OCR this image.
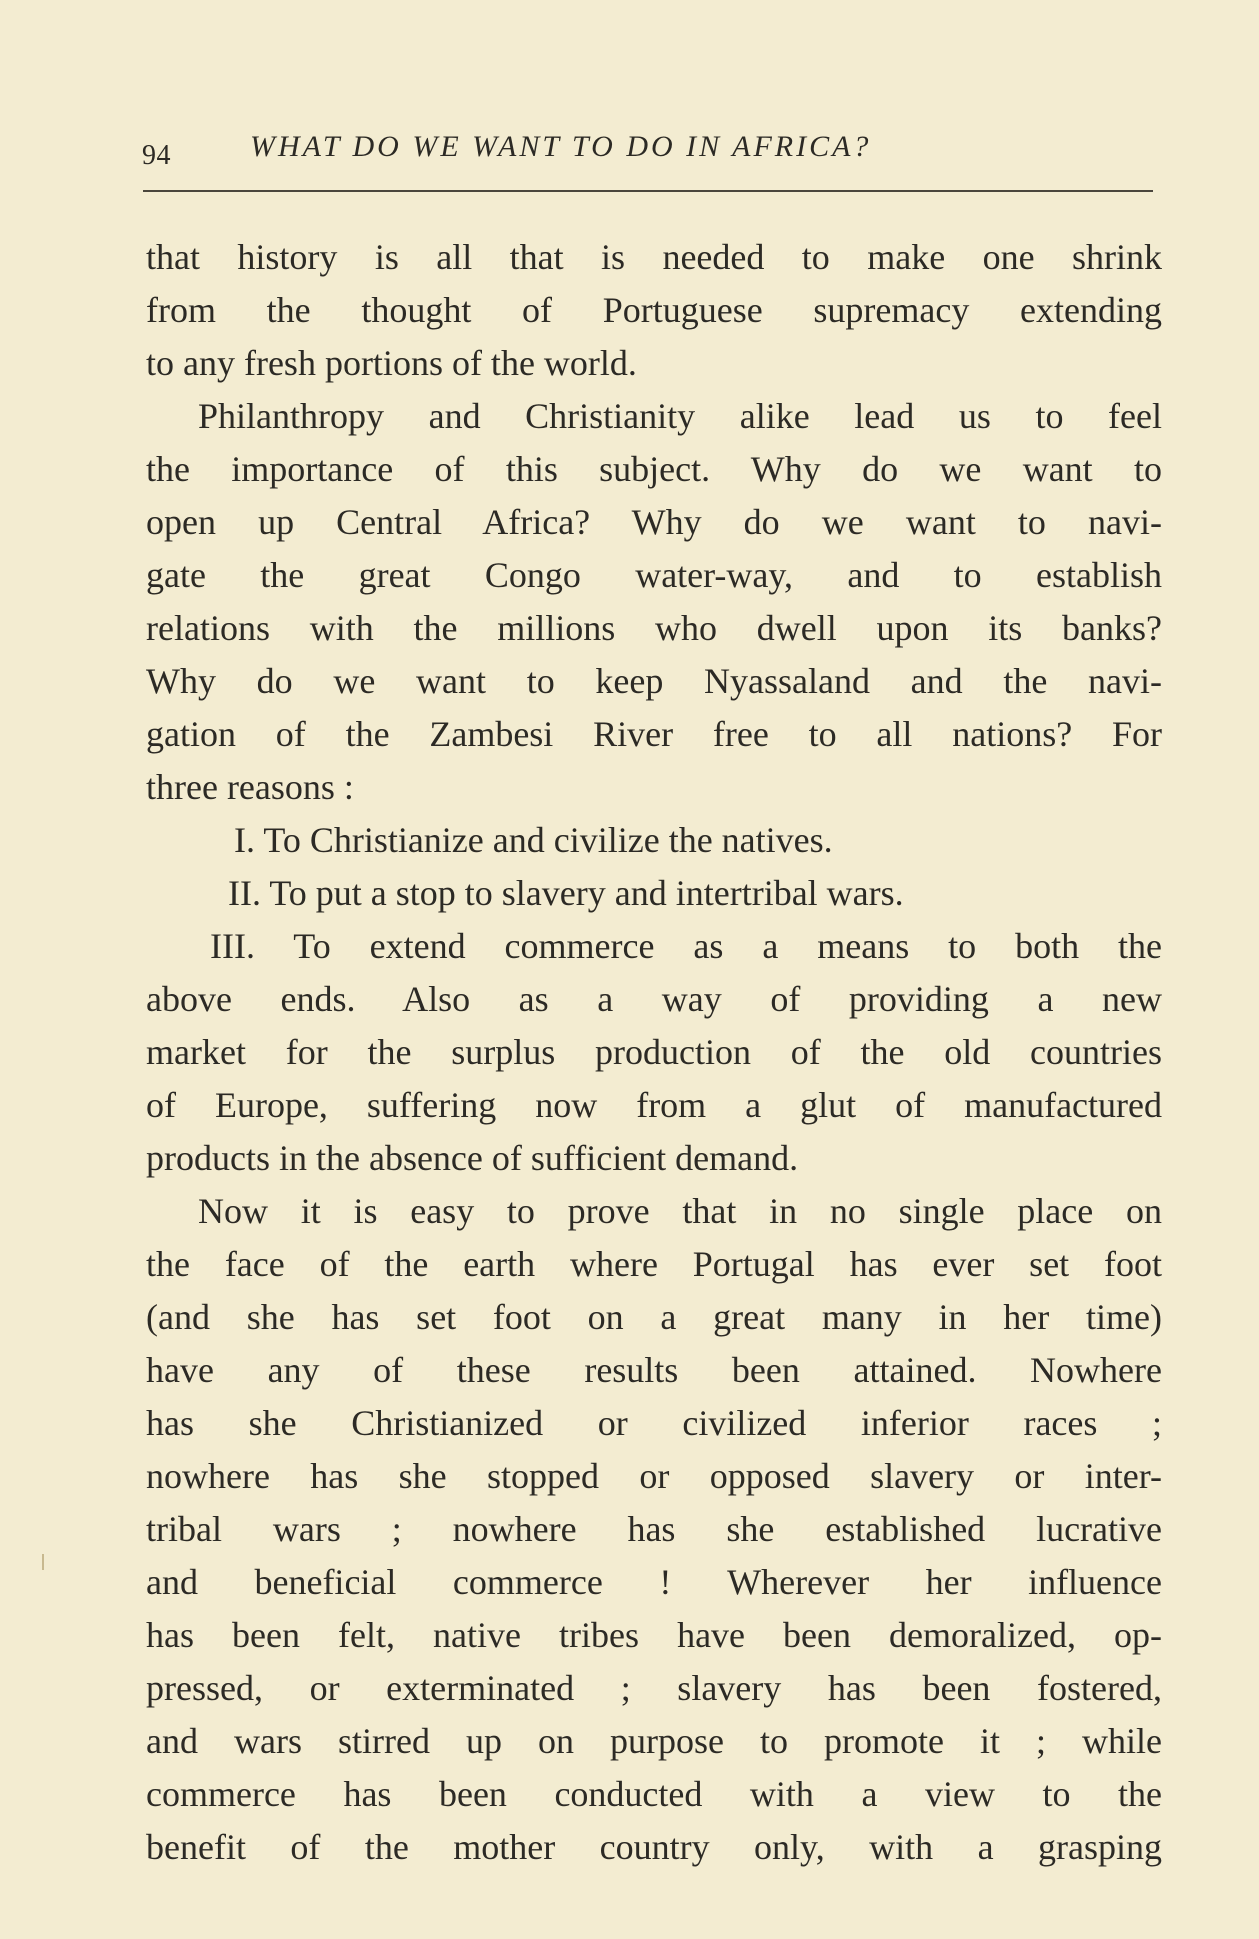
94	WHAT DO WE WANT TO DO IN AFRICA?
that history is all that is needed to make one shrink
from the thought of Portuguese supremacy extending
to any fresh portions of the world.
Philanthropy and Christianity alike lead us to feel
the importance of this subject. Why do we want to
open up Central Africa? Why do we want to navi-
gate the great Congo water-way, and to establish
relations with the millions who dwell upon its banks?
Why do we want to keep Nyassaland and the navi-
gation of the Zambesi River free to all nations? For
three reasons :
I. To Christianize and civilize the natives.
II. To put a stop to slavery and intertribal wars.
III. To extend commerce as a means to both the
above ends. Also as a way of providing a new
market for the surplus production of the old countries
of Europe, suffering now from a glut of manufactured
products in the absence of sufficient demand.
Now it is easy to prove that in no single place on
the face of the earth where Portugal has ever set foot
(and she has set foot on a great many in her time)
have any of these results been attained. Nowhere
has she Christianized or civilized inferior races ;
nowhere has she stopped or opposed slavery or inter-
tribal wars ; nowhere has she established lucrative
and beneficial commerce ! Wherever her influence
has been felt, native tribes have been demoralized, op-
pressed, or exterminated ; slavery has been fostered,
and wars stirred up on purpose to promote it ; while
commerce has been conducted with a view to the
benefit of the mother country only, with a grasping
